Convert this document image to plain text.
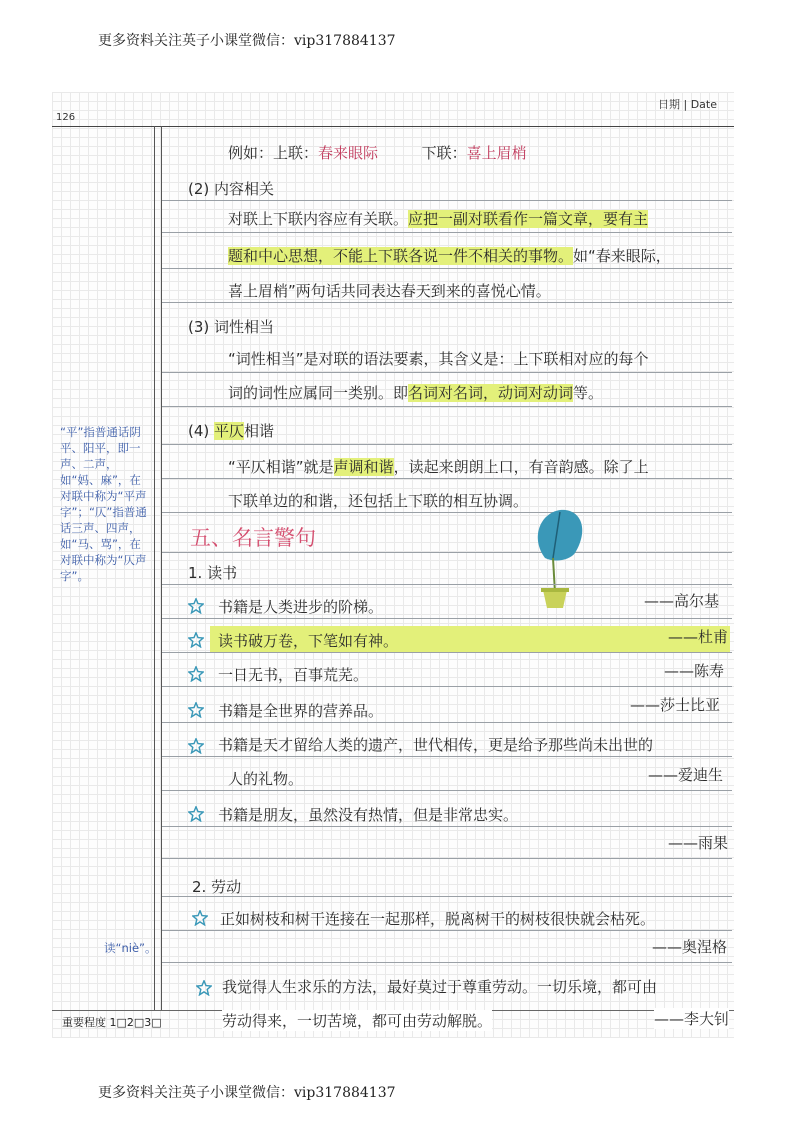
更多资料关注英子小课堂微信：vip317884137
126
日期 | Date
重要程度 1□2□3□
“平”指普通话阴平、阳平，即一声、二声，如“妈、麻”，在对联中称为“平声字”；“仄”指普通话三声、四声，如“马、骂”，在对联中称为“仄声字”。
读“niè”。
例如：上联：春来眼际	下联：喜上眉梢
(2) 内容相关
对联上下联内容应有关联。应把一副对联看作一篇文章，要有主
题和中心思想，不能上下联各说一件不相关的事物。如“春来眼际，
喜上眉梢”两句话共同表达春天到来的喜悦心情。
(3) 词性相当
“词性相当”是对联的语法要素，其含义是：上下联相对应的每个
词的词性应属同一类别。即名词对名词，动词对动词等。
(4) 平仄相谐
“平仄相谐”就是声调和谐，读起来朗朗上口，有音韵感。除了上
下联单边的和谐，还包括上下联的相互协调。
五、名言警句
1. 读书
书籍是人类进步的阶梯。	——高尔基
读书破万卷，下笔如有神。	——杜甫
一日无书，百事荒芜。	——陈寿
书籍是全世界的营养品。	——莎士比亚
书籍是天才留给人类的遗产，世代相传，更是给予那些尚未出世的
人的礼物。	——爱迪生
书籍是朋友，虽然没有热情，但是非常忠实。
——雨果
2. 劳动
正如树枝和树干连接在一起那样，脱离树干的树枝很快就会枯死。
——奥涅格
我觉得人生求乐的方法，最好莫过于尊重劳动。一切乐境，都可由
劳动得来，一切苦境，都可由劳动解脱。	——李大钊
更多资料关注英子小课堂微信：vip317884137
